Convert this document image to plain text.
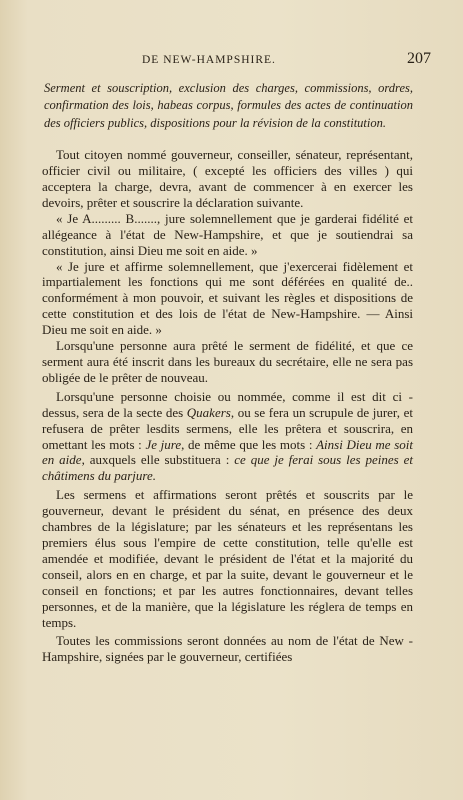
DE NEW-HAMPSHIRE.	207

Serment et souscription, exclusion des charges, commissions, ordres, confirmation des lois, habeas corpus, formules des actes de continuation des officiers publics, dispositions pour la révision de la constitution.

Tout citoyen nommé gouverneur, conseiller, sénateur, représentant, officier civil ou militaire, ( excepté les officiers des villes ) qui acceptera la charge, devra, avant de commencer à en exercer les devoirs, prêter et souscrire la déclaration suivante.

« Je A......... B......., jure solemnellement que je garderai fidélité et allégeance à l'état de New-Hampshire, et que je soutiendrai sa constitution, ainsi Dieu me soit en aide. »

« Je jure et affirme solemnellement, que j'exercerai fidèlement et impartialement les fonctions qui me sont déférées en qualité de.. conformément à mon pouvoir, et suivant les règles et dispositions de cette constitution et des lois de l'état de New-Hampshire. — Ainsi Dieu me soit en aide. »

Lorsqu'une personne aura prêté le serment de fidélité, et que ce serment aura été inscrit dans les bureaux du secrétaire, elle ne sera pas obligée de le prêter de nouveau.

Lorsqu'une personne choisie ou nommée, comme il est dit ci - dessus, sera de la secte des Quakers, ou se fera un scrupule de jurer, et refusera de prêter lesdits sermens, elle les prêtera et souscrira, en omettant les mots : Je jure, de même que les mots : Ainsi Dieu me soit en aide, auxquels elle substituera : ce que je ferai sous les peines et châtimens du parjure.

Les sermens et affirmations seront prêtés et souscrits par le gouverneur, devant le président du sénat, en présence des deux chambres de la législature; par les sénateurs et les représentans les premiers élus sous l'empire de cette constitution, telle qu'elle est amendée et modifiée, devant le président de l'état et la majorité du conseil, alors en en charge, et par la suite, devant le gouverneur et le conseil en fonctions; et par les autres fonctionnaires, devant telles personnes, et de la manière, que la législature les réglera de temps en temps.

Toutes les commissions seront données au nom de l'état de New - Hampshire, signées par le gouverneur, certifiées
